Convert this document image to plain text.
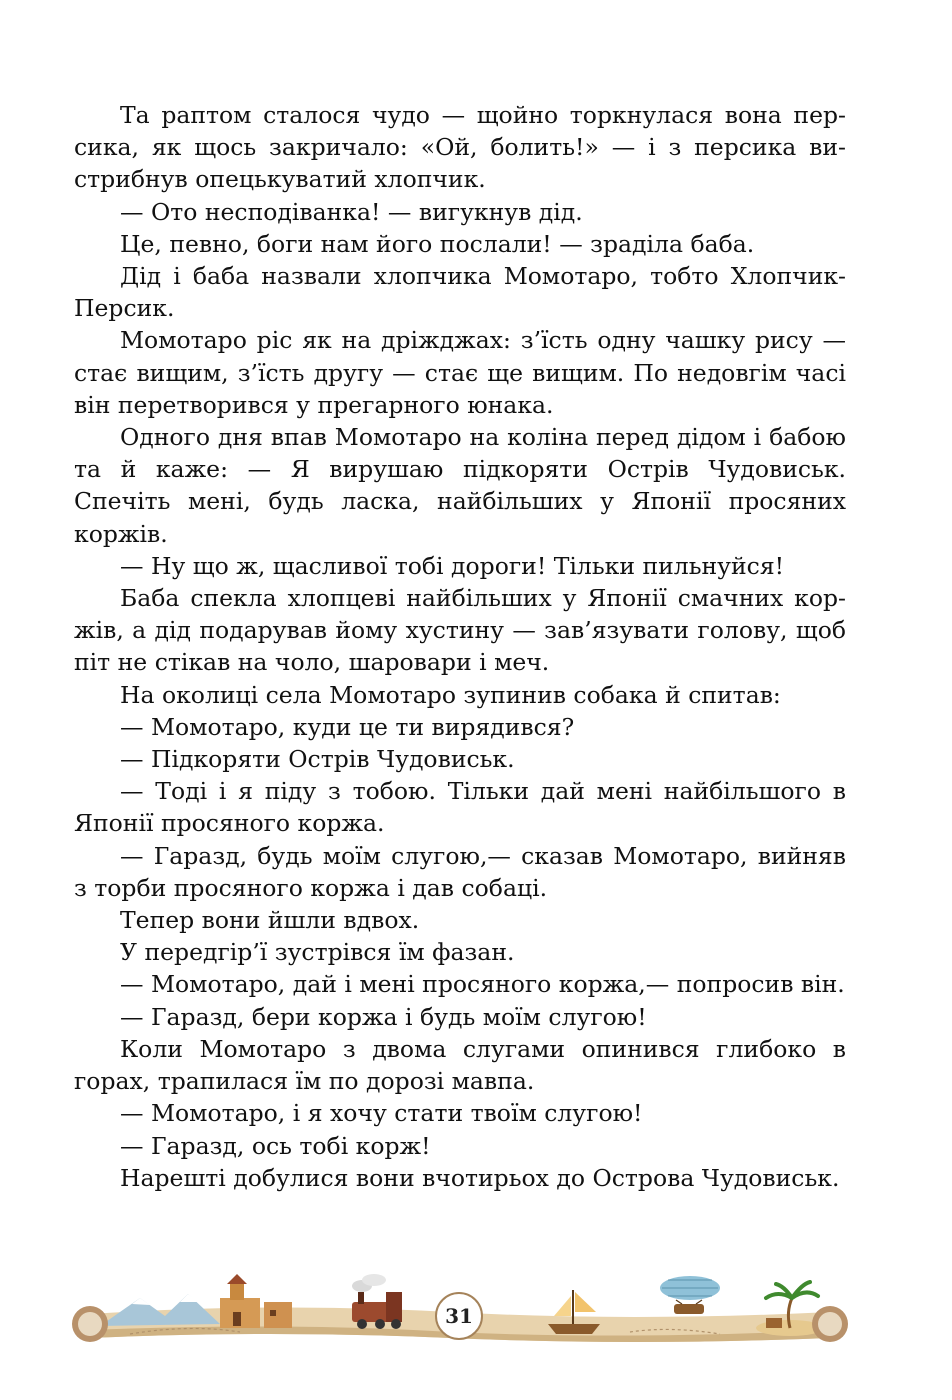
Та раптом сталося чудо — щойно торкнулася вона персика, як щось закричало: «Ой, болить!» — і з персика вистрибнув опецькуватий хлопчик.

— Ото несподіванка! — вигукнув дід.

Це, певно, боги нам його послали! — зраділа баба.

Дід і баба назвали хлопчика Момотаро, тобто Хлопчик-Персик.

Момотаро ріс як на дріжджах: з’їсть одну чашку рису — стає вищим, з’їсть другу — стає ще вищим. По недовгім часі він перетворився у прегарного юнака.

Одного дня впав Момотаро на коліна перед дідом і бабою та й каже: — Я вирушаю підкоряти Острів Чудовиськ. Спечіть мені, будь ласка, найбільших у Японії просяних коржів.

— Ну що ж, щасливої тобі дороги! Тільки пильнуйся!

Баба спекла хлопцеві найбільших у Японії смачних коржів, а дід подарував йому хустину — зав’язувати голову, щоб піт не стікав на чоло, шаровари і меч.

На околиці села Момотаро зупинив собака й спитав:

— Момотаро, куди це ти вирядився?

— Підкоряти Острів Чудовиськ.

— Тоді і я піду з тобою. Тільки дай мені найбільшого в Японії просяного коржа.

— Гаразд, будь моїм слугою,— сказав Момотаро, вийняв з торби просяного коржа і дав собаці.

Тепер вони йшли вдвох.

У передгір’ї зустрівся їм фазан.

— Момотаро, дай і мені просяного коржа,— попросив він.

— Гаразд, бери коржа і будь моїм слугою!

Коли Момотаро з двома слугами опинився глибоко в горах, трапилася їм по дорозі мавпа.

— Момотаро, і я хочу стати твоїм слугою!

— Гаразд, ось тобі корж!

Нарешті добулися вони вчотирьох до Острова Чудовиськ.

31
